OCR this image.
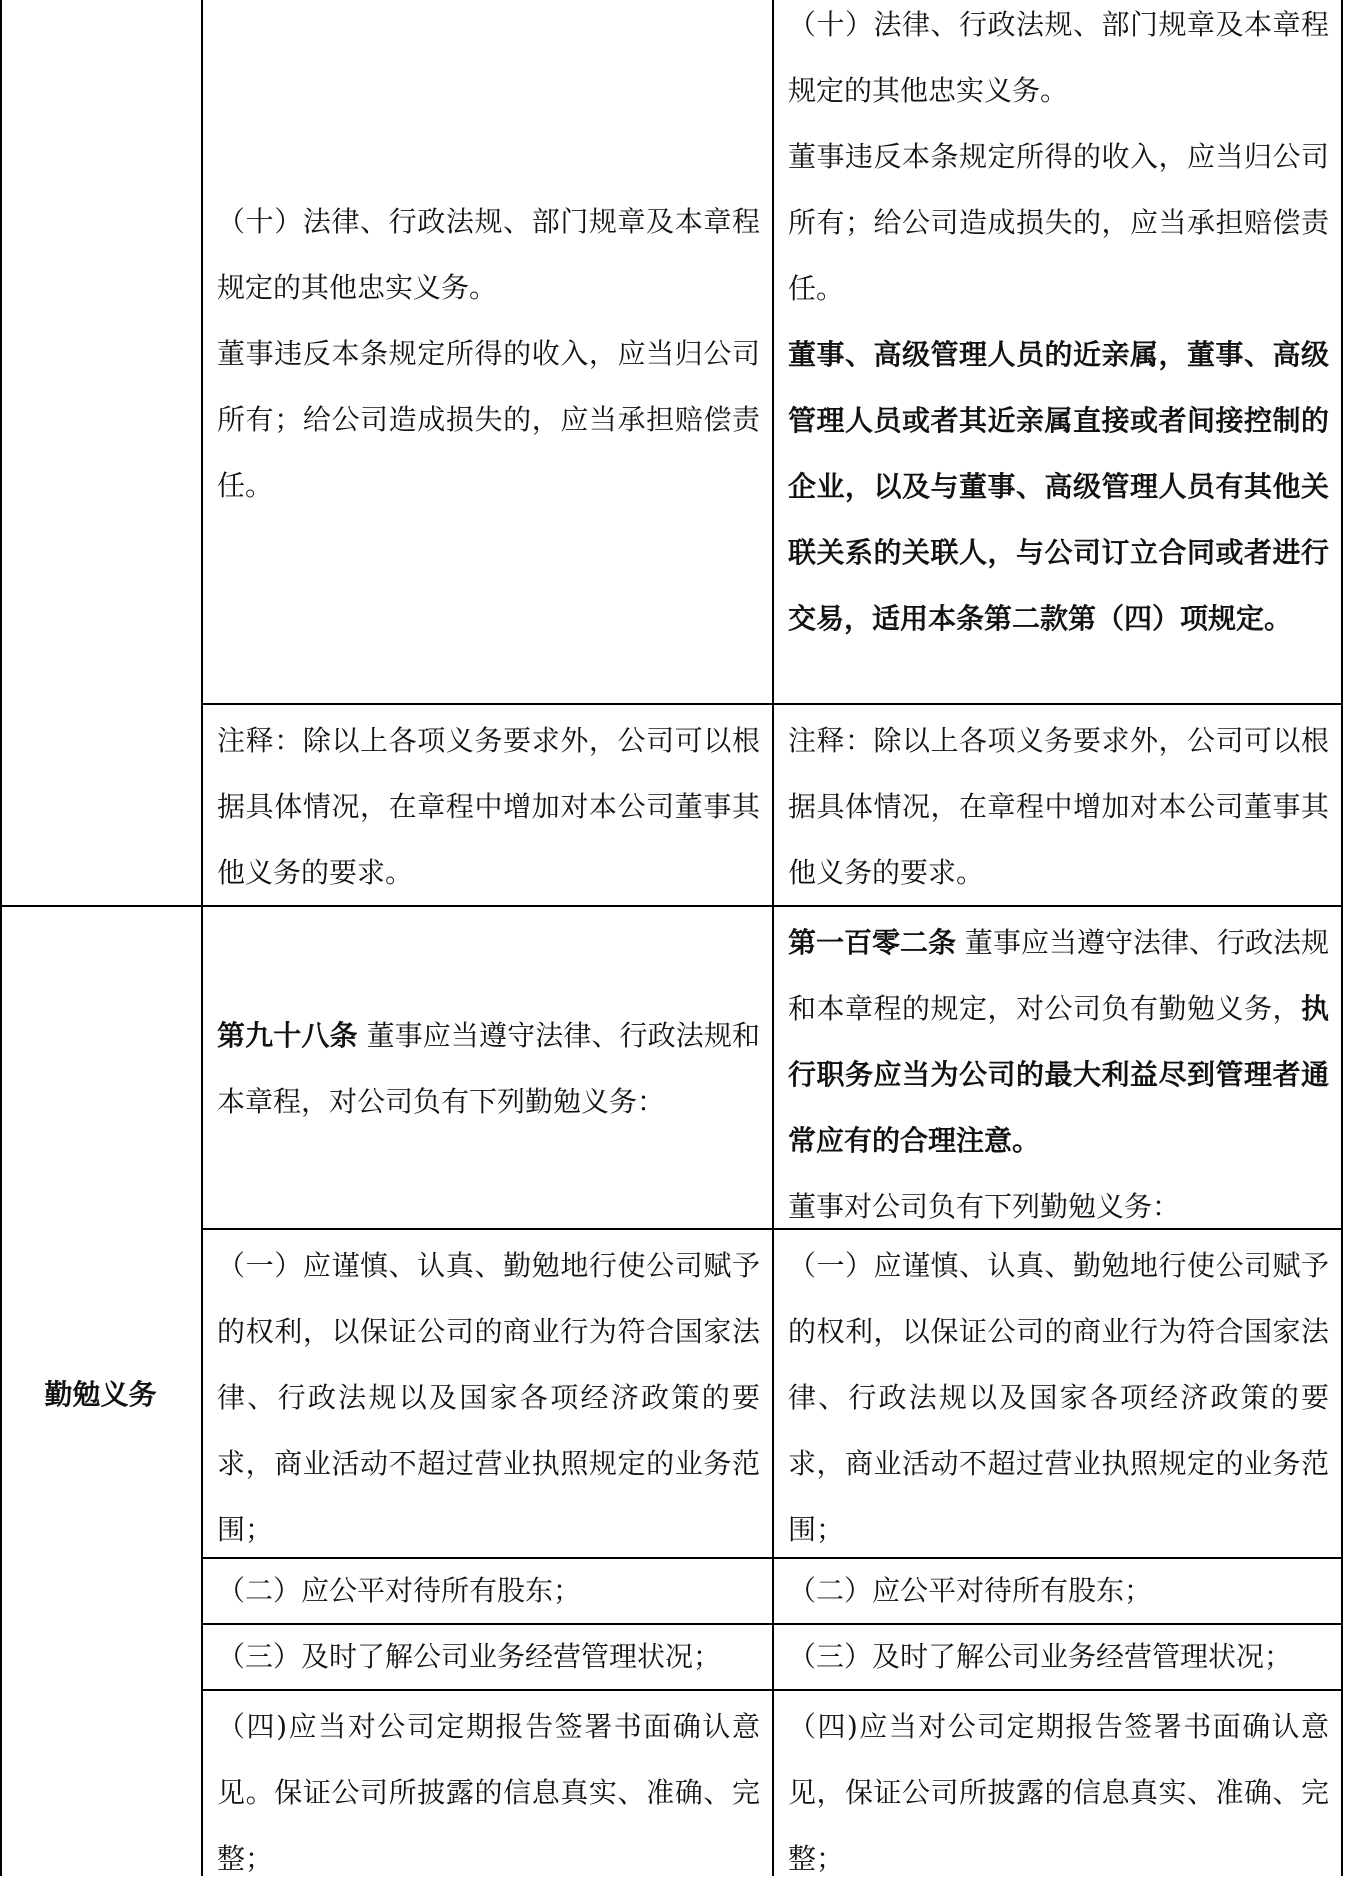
（十）法律、行政法规、部门规章及本章程规定的其他忠实义务。

董事违反本条规定所得的收入，应当归公司所有；给公司造成损失的，应当承担赔偿责任。

（十）法律、行政法规、部门规章及本章程规定的其他忠实义务。

董事违反本条规定所得的收入，应当归公司所有；给公司造成损失的，应当承担赔偿责任。

董事、高级管理人员的近亲属，董事、高级管理人员或者其近亲属直接或者间接控制的企业，以及与董事、高级管理人员有其他关联关系的关联人，与公司订立合同或者进行交易，适用本条第二款第（四）项规定。

注释：除以上各项义务要求外，公司可以根据具体情况，在章程中增加对本公司董事其他义务的要求。

注释：除以上各项义务要求外，公司可以根据具体情况，在章程中增加对本公司董事其他义务的要求。

勤勉义务

第九十八条 董事应当遵守法律、行政法规和本章程，对公司负有下列勤勉义务：

第一百零二条 董事应当遵守法律、行政法规和本章程的规定，对公司负有勤勉义务，执行职务应当为公司的最大利益尽到管理者通常应有的合理注意。

董事对公司负有下列勤勉义务：

（一）应谨慎、认真、勤勉地行使公司赋予的权利，以保证公司的商业行为符合国家法律、行政法规以及国家各项经济政策的要求，商业活动不超过营业执照规定的业务范围；

（一）应谨慎、认真、勤勉地行使公司赋予的权利，以保证公司的商业行为符合国家法律、行政法规以及国家各项经济政策的要求，商业活动不超过营业执照规定的业务范围；

（二）应公平对待所有股东；	（二）应公平对待所有股东；

（三）及时了解公司业务经营管理状况；	（三）及时了解公司业务经营管理状况；

（四)应当对公司定期报告签署书面确认意见。保证公司所披露的信息真实、准确、完整；

（四)应当对公司定期报告签署书面确认意见，保证公司所披露的信息真实、准确、完整；
